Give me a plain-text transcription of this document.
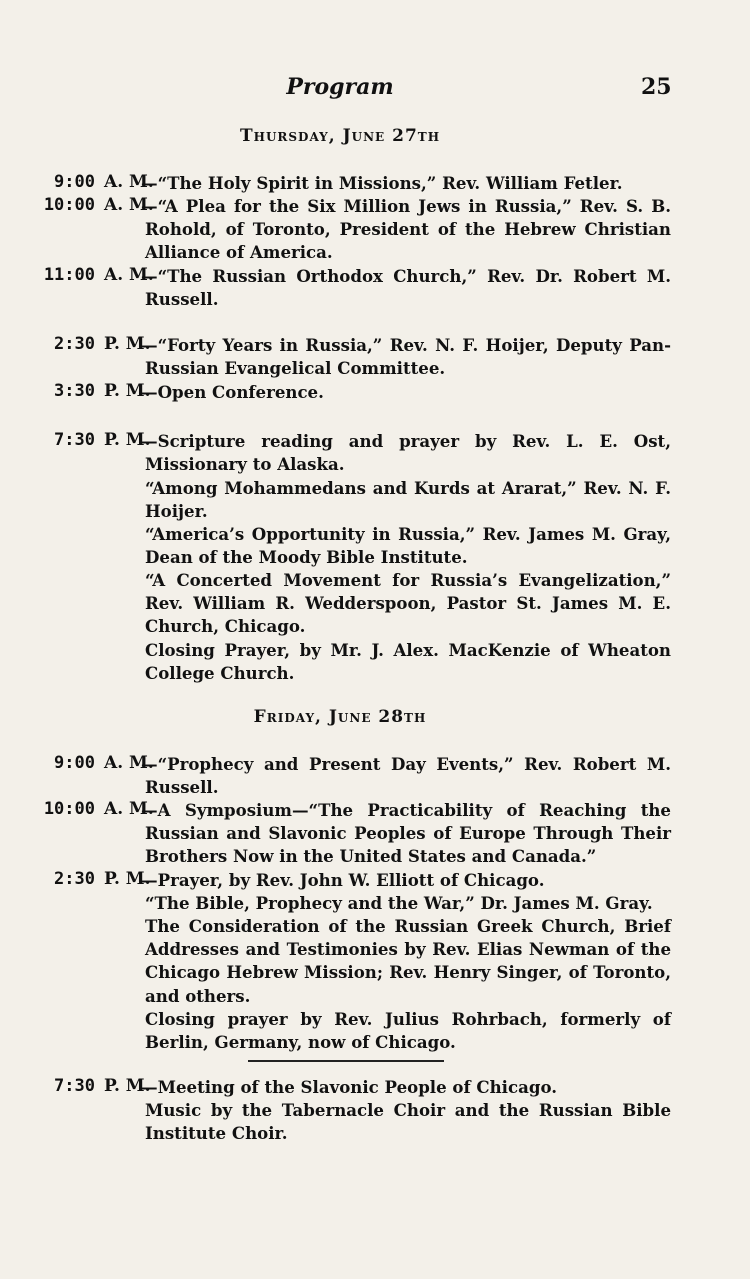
Program	25
Thursday, June 27th
9:00 A. M.
—“The Holy Spirit in Missions,” Rev. William Fetler.
10:00 A. M.
—“A Plea for the Six Million Jews in Russia,” Rev. S. B. Rohold, of Toronto, President of the Hebrew Christian Alliance of America.
11:00 A. M.
—“The Russian Orthodox Church,” Rev. Dr. Robert M. Russell.
2:30 P. M.
—“Forty Years in Russia,” Rev. N. F. Hoijer, Deputy Pan-Russian Evangelical Committee.
3:30 P. M.
—Open Conference.
7:30 P. M.
—Scripture reading and prayer by Rev. L. E. Ost, Missionary to Alaska.
“Among Mohammedans and Kurds at Ararat,” Rev. N. F. Hoijer.
“America’s Opportunity in Russia,” Rev. James M. Gray, Dean of the Moody Bible Institute.
“A Concerted Movement for Russia’s Evangelization,” Rev. William R. Wedderspoon, Pastor St. James M. E. Church, Chicago.
Closing Prayer, by Mr. J. Alex. MacKenzie of Wheaton College Church.
Friday, June 28th
9:00 A. M.
—“Prophecy and Present Day Events,” Rev. Robert M. Russell.
10:00 A. M.
—A Symposium—“The Practicability of Reaching the Russian and Slavonic Peoples of Europe Through Their Brothers Now in the United States and Canada.”
2:30 P. M.
—Prayer, by Rev. John W. Elliott of Chicago.
“The Bible, Prophecy and the War,” Dr. James M. Gray.
The Consideration of the Russian Greek Church, Brief Addresses and Testimonies by Rev. Elias Newman of the Chicago Hebrew Mission; Rev. Henry Singer, of Toronto, and others.
Closing prayer by Rev. Julius Rohrbach, formerly of Berlin, Germany, now of Chicago.
7:30 P. M.
—Meeting of the Slavonic People of Chicago.
Music by the Tabernacle Choir and the Russian Bible Institute Choir.
